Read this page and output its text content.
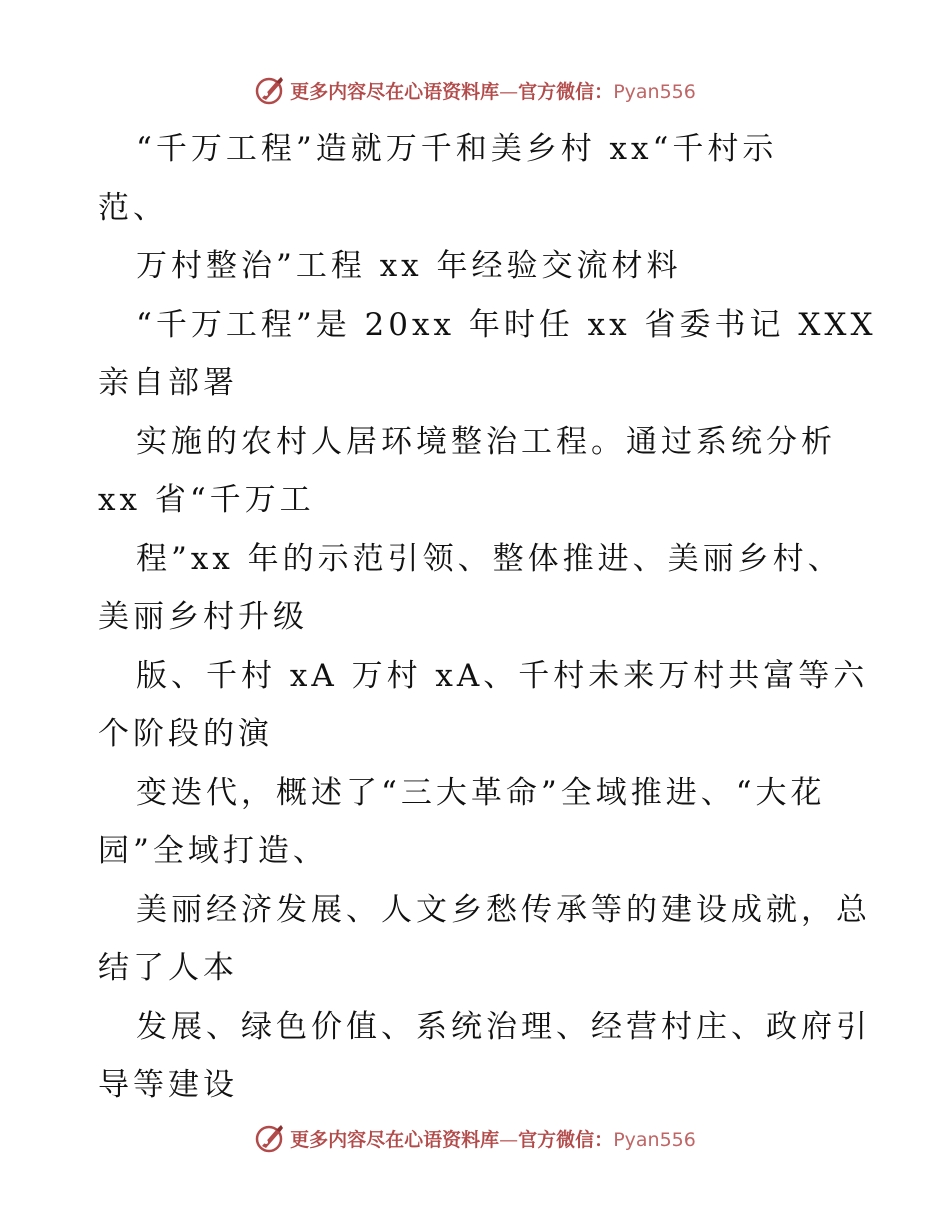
更多内容尽在心语资料库—官方微信：Pyan556
“千万工程”造就万千和美乡村 xx“千村示
范、
万村整治”工程 xx 年经验交流材料
“千万工程”是 20xx 年时任 xx 省委书记 XXX
亲自部署
实施的农村人居环境整治工程。通过系统分析
xx 省“千万工
程”xx 年的示范引领、整体推进、美丽乡村、
美丽乡村升级
版、千村 xA 万村 xA、千村未来万村共富等六
个阶段的演
变迭代，概述了“三大革命”全域推进、“大花
园”全域打造、
美丽经济发展、人文乡愁传承等的建设成就，总
结了人本
发展、绿色价值、系统治理、经营村庄、政府引
导等建设
更多内容尽在心语资料库—官方微信：Pyan556
